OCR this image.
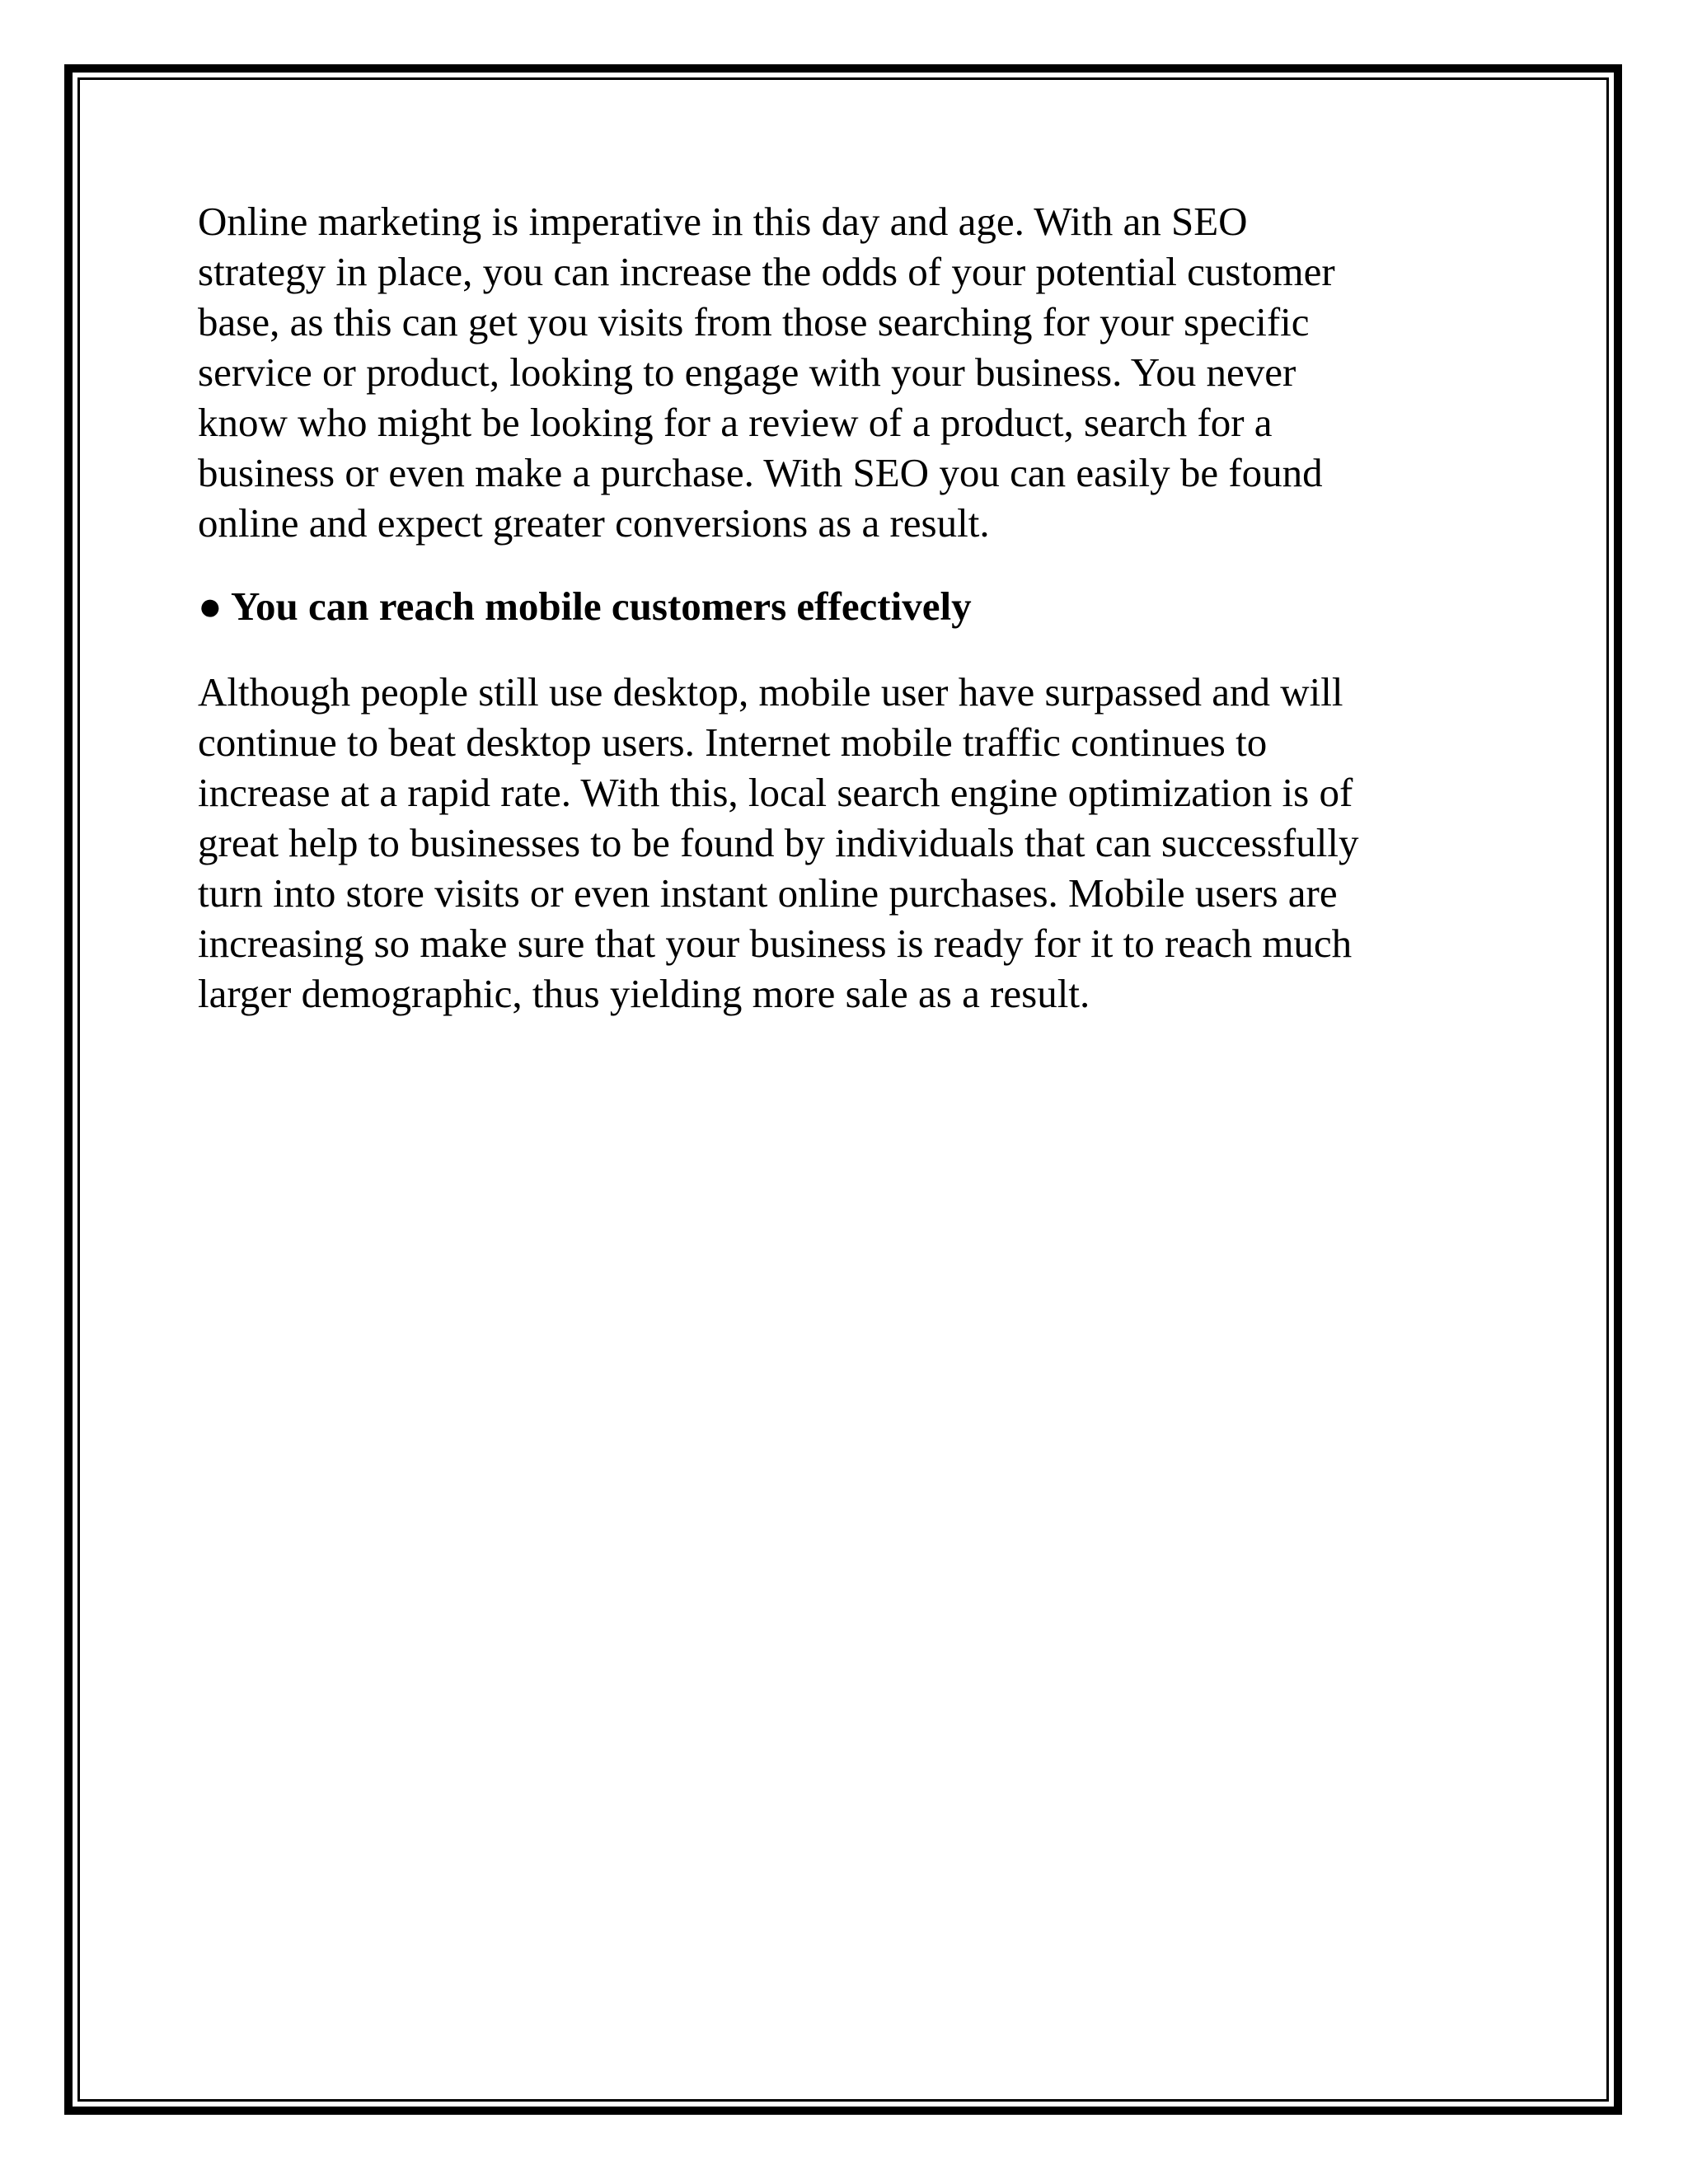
Online marketing is imperative in this day and age. With an SEO
strategy in place, you can increase the odds of your potential customer
base, as this can get you visits from those searching for your specific
service or product, looking to engage with your business. You never
know who might be looking for a review of a product, search for a
business or even make a purchase. With SEO you can easily be found
online and expect greater conversions as a result.

● You can reach mobile customers effectively

Although people still use desktop, mobile user have surpassed and will
continue to beat desktop users. Internet mobile traffic continues to
increase at a rapid rate. With this, local search engine optimization is of
great help to businesses to be found by individuals that can successfully
turn into store visits or even instant online purchases. Mobile users are
increasing so make sure that your business is ready for it to reach much
larger demographic, thus yielding more sale as a result.
